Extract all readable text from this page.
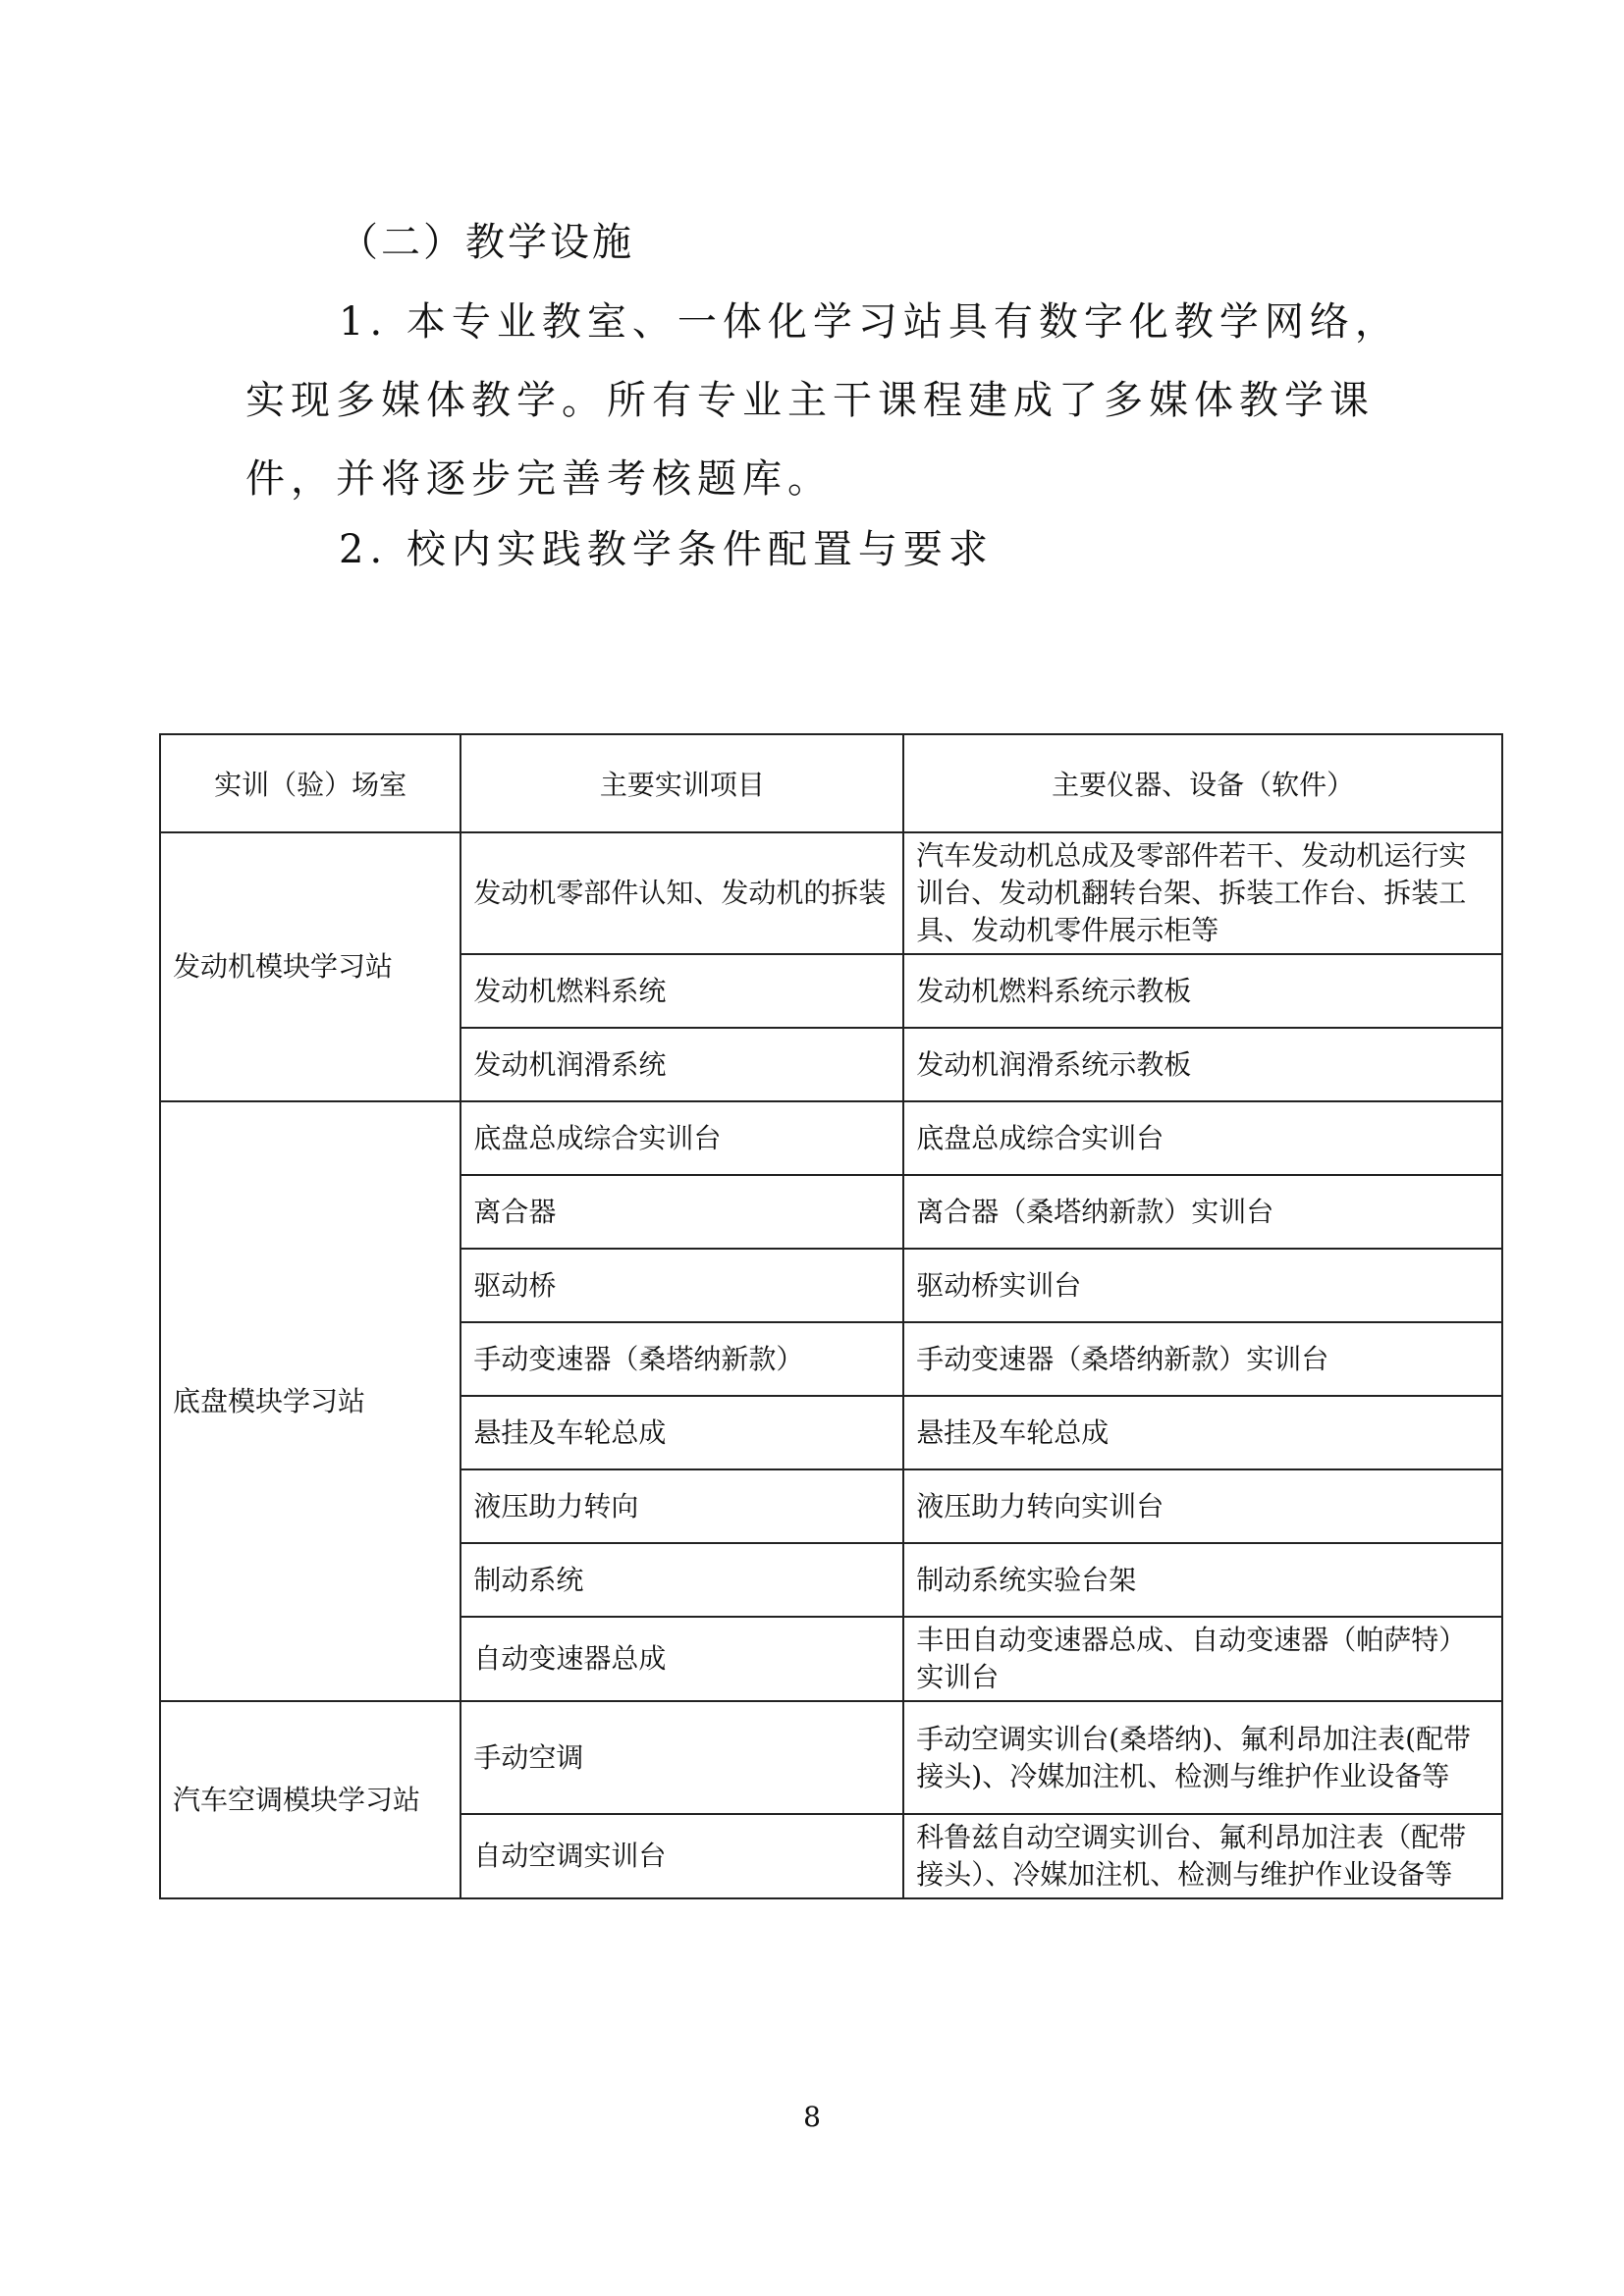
（二）教学设施
1. 本专业教室、一体化学习站具有数字化教学网络，实现多媒体教学。所有专业主干课程建成了多媒体教学课件，并将逐步完善考核题库。
2. 校内实践教学条件配置与要求
实训（验）场室	主要实训项目	主要仪器、设备（软件）
发动机模块学习站	发动机零部件认知、发动机的拆装	汽车发动机总成及零部件若干、发动机运行实训台、发动机翻转台架、拆装工作台、拆装工具、发动机零件展示柜等
	发动机燃料系统	发动机燃料系统示教板
	发动机润滑系统	发动机润滑系统示教板
底盘模块学习站	底盘总成综合实训台	底盘总成综合实训台
	离合器	离合器（桑塔纳新款）实训台
	驱动桥	驱动桥实训台
	手动变速器（桑塔纳新款）	手动变速器（桑塔纳新款）实训台
	悬挂及车轮总成	悬挂及车轮总成
	液压助力转向	液压助力转向实训台
	制动系统	制动系统实验台架
	自动变速器总成	丰田自动变速器总成、自动变速器（帕萨特）实训台
汽车空调模块学习站	手动空调	手动空调实训台(桑塔纳)、氟利昂加注表(配带接头)、冷媒加注机、检测与维护作业设备等
	自动空调实训台	科鲁兹自动空调实训台、氟利昂加注表（配带接头）、冷媒加注机、检测与维护作业设备等
8
